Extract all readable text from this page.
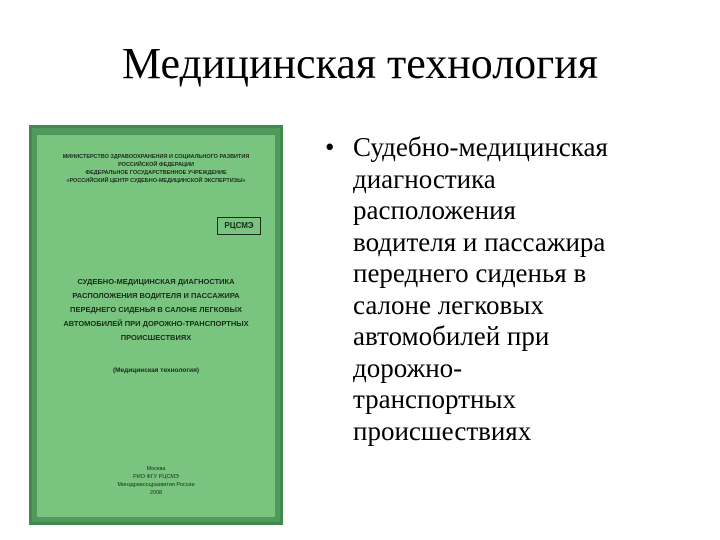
Медицинская технология
МИНИСТЕРСТВО ЗДРАВООХРАНЕНИЯ И СОЦИАЛЬНОГО РАЗВИТИЯ
РОССИЙСКОЙ ФЕДЕРАЦИИ
ФЕДЕРАЛЬНОЕ ГОСУДАРСТВЕННОЕ УЧРЕЖДЕНИЕ
«РОССИЙСКИЙ ЦЕНТР СУДЕБНО-МЕДИЦИНСКОЙ ЭКСПЕРТИЗЫ»
РЦСМЭ
СУДЕБНО-МЕДИЦИНСКАЯ ДИАГНОСТИКА
РАСПОЛОЖЕНИЯ ВОДИТЕЛЯ И ПАССАЖИРА
ПЕРЕДНЕГО СИДЕНЬЯ В САЛОНЕ ЛЕГКОВЫХ
АВТОМОБИЛЕЙ ПРИ ДОРОЖНО-ТРАНСПОРТНЫХ
ПРОИСШЕСТВИЯХ
(Медицинская технология)
Москва
РИО ФГУ РЦСМЭ
Минздравсоцразвития России
2008
• Судебно-медицинская
диагностика
расположения
водителя и пассажира
переднего сиденья в
салоне легковых
автомобилей при
дорожно-
транспортных
происшествиях
